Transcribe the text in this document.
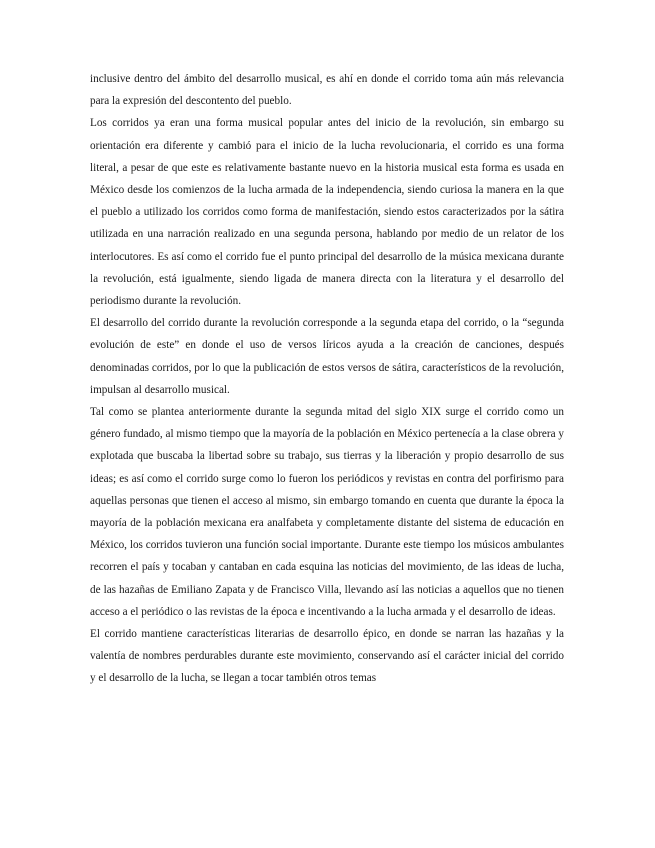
inclusive dentro del ámbito del desarrollo musical, es ahí en donde el corrido toma aún más relevancia para la expresión del descontento del pueblo.

Los corridos ya eran una forma musical popular antes del inicio de la revolución, sin embargo su orientación era diferente y cambió para el inicio de la lucha revolucionaria, el corrido es una forma literal, a pesar de que este es relativamente bastante nuevo en la historia musical esta forma es usada en México desde los comienzos de la lucha armada de la independencia, siendo curiosa la manera en la que el pueblo a utilizado los corridos como forma de manifestación, siendo estos caracterizados por la sátira utilizada en una narración realizado en una segunda persona, hablando por medio de un relator de los interlocutores. Es así como el corrido fue el punto principal del desarrollo de la música mexicana durante la revolución, está igualmente, siendo ligada de manera directa con la literatura y el desarrollo del periodismo durante la revolución.

El desarrollo del corrido durante la revolución corresponde a la segunda etapa del corrido, o la “segunda evolución de este” en donde el uso de versos líricos ayuda a la creación de canciones, después denominadas corridos, por lo que la publicación de estos versos de sátira, característicos de la revolución, impulsan al desarrollo musical.

Tal como se plantea anteriormente durante la segunda mitad del siglo XIX surge el corrido como un género fundado, al mismo tiempo que la mayoría de la población en México pertenecía a la clase obrera y explotada que buscaba la libertad sobre su trabajo, sus tierras y la liberación y propio desarrollo de sus ideas; es así como el corrido surge como lo fueron los periódicos y revistas en contra del porfirismo para aquellas personas que tienen el acceso al mismo, sin embargo tomando en cuenta que durante la época la mayoría de la población mexicana era analfabeta y completamente distante del sistema de educación en México, los corridos tuvieron una función social importante. Durante este tiempo los músicos ambulantes recorren el país y tocaban y cantaban en cada esquina las noticias del movimiento, de las ideas de lucha, de las hazañas de Emiliano Zapata y de Francisco Villa, llevando así las noticias a aquellos que no tienen acceso a el periódico o las revistas de la época e incentivando a la lucha armada y el desarrollo de ideas.

El corrido mantiene características literarias de desarrollo épico, en donde se narran las hazañas y la valentía de nombres perdurables durante este movimiento, conservando así el carácter inicial del corrido y el desarrollo de la lucha, se llegan a tocar también otros temas
